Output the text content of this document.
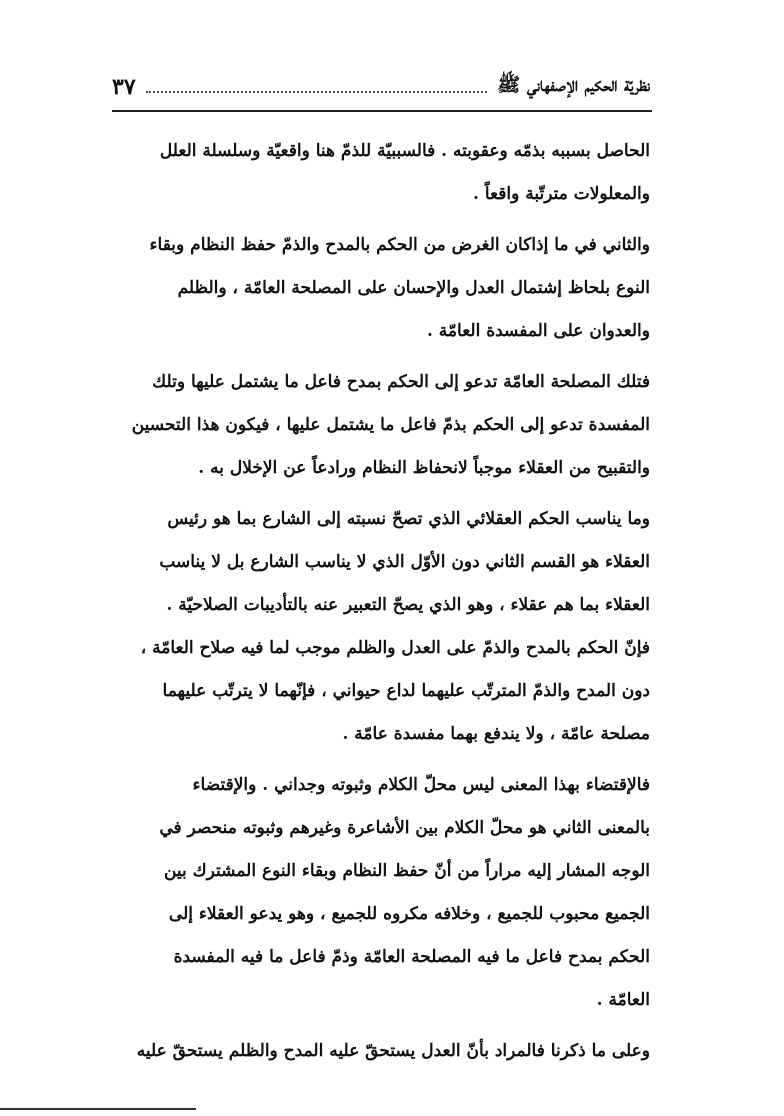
نظريّة الحكيم الإصفهاني ﷺ
٣٧
الحاصل بسببه بذمّه وعقوبته . فالسببيّة للذمّ هنا واقعيّة وسلسلة العلل
والمعلولات مترتّبة واقعاً .
والثاني في ما إذاكان الغرض من الحكم بالمدح والذمّ حفظ النظام وبقاء
النوع بلحاظ إشتمال العدل والإحسان على المصلحة العامّة ، والظلم
والعدوان على المفسدة العامّة .
فتلك المصلحة العامّة تدعو إلى الحكم بمدح فاعل ما يشتمل عليها وتلك
المفسدة تدعو إلى الحكم بذمّ فاعل ما يشتمل عليها ، فيكون هذا التحسين
والتقبيح من العقلاء موجباً لانحفاظ النظام ورادعاً عن الإخلال به .
وما يناسب الحكم العقلائي الذي تصحّ نسبته إلى الشارع بما هو رئيس
العقلاء هو القسم الثاني دون الأوّل الذي لا يناسب الشارع بل لا يناسب
العقلاء بما هم عقلاء ، وهو الذي يصحّ التعبير عنه بالتأديبات الصلاحيّة .
فإنّ الحكم بالمدح والذمّ على العدل والظلم موجب لما فيه صلاح العامّة ،
دون المدح والذمّ المترتّب عليهما لداع حيواني ، فإنّهما لا يترتّب عليهما
مصلحة عامّة ، ولا يندفع بهما مفسدة عامّة .
فالإقتضاء بهذا المعنى ليس محلّ الكلام وثبوته وجداني . والإقتضاء
بالمعنى الثاني هو محلّ الكلام بين الأشاعرة وغيرهم وثبوته منحصر في
الوجه المشار إليه مراراً من أنّ حفظ النظام وبقاء النوع المشترك بين
الجميع محبوب للجميع ، وخلافه مكروه للجميع ، وهو يدعو العقلاء إلى
الحكم بمدح فاعل ما فيه المصلحة العامّة وذمّ فاعل ما فيه المفسدة
العامّة .
وعلى ما ذكرنا فالمراد بأنّ العدل يستحقّ عليه المدح والظلم يستحقّ عليه
